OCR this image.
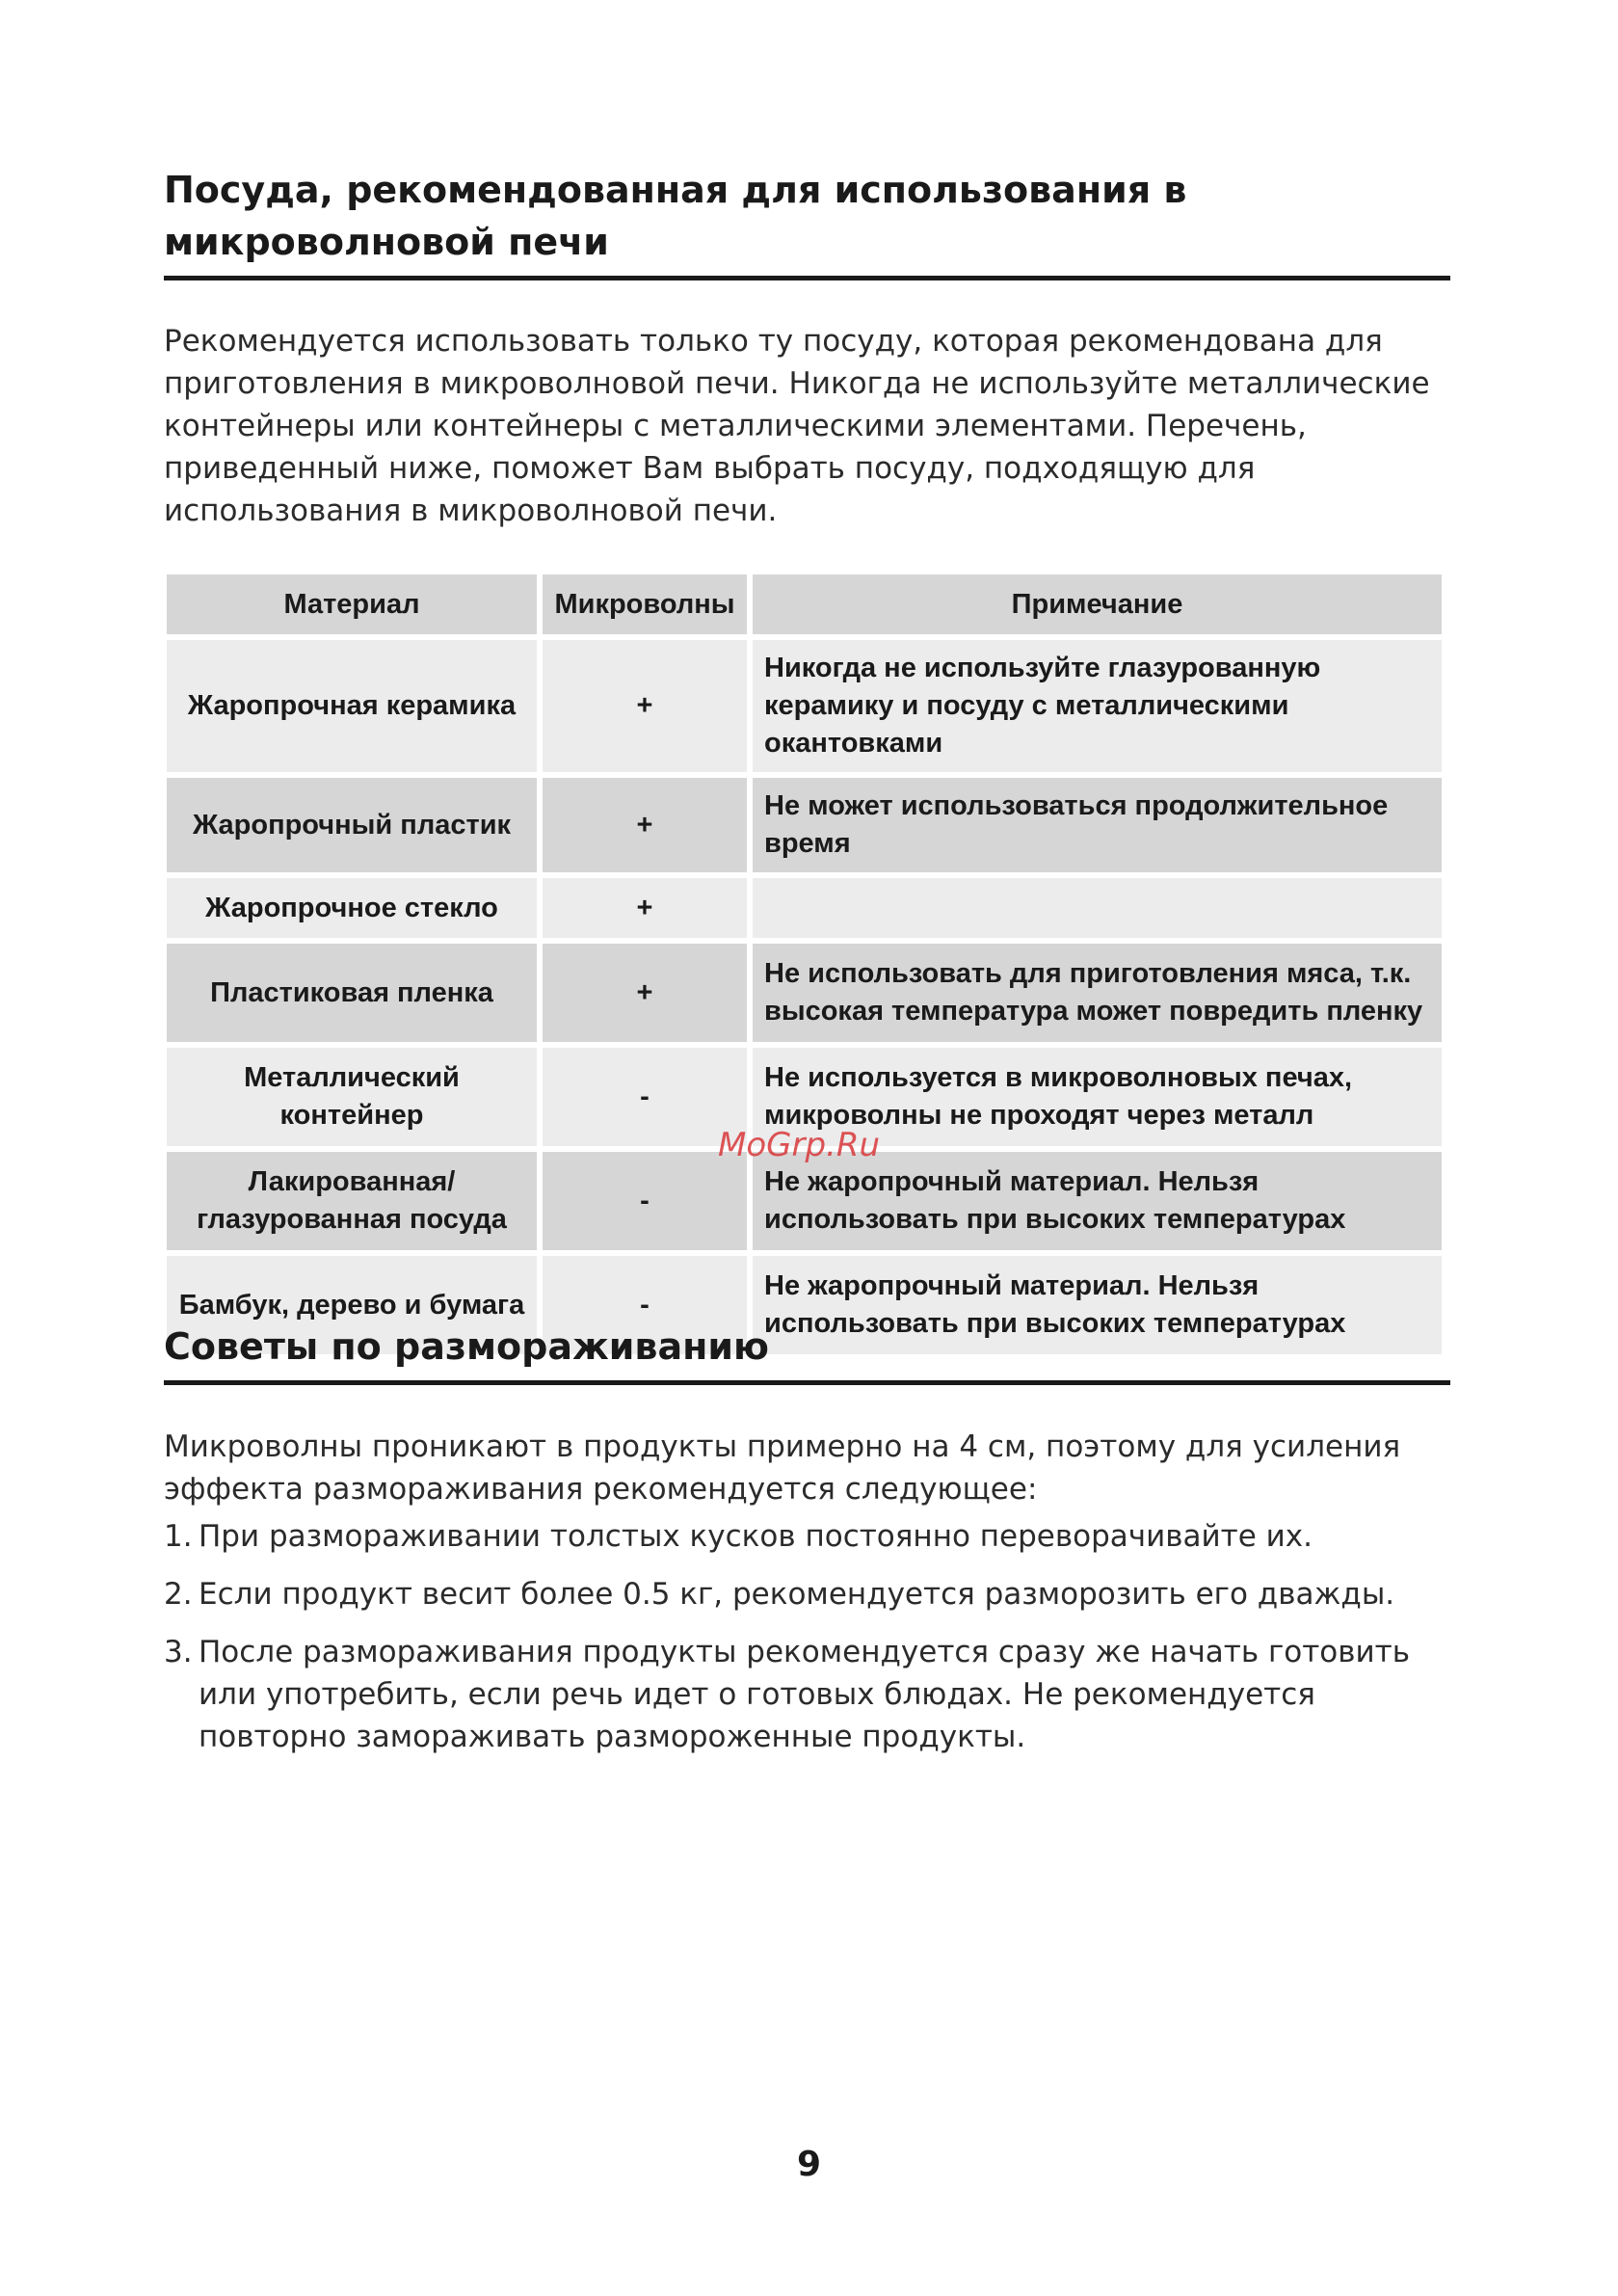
Посуда, рекомендованная для использования в
микроволновой печи

Рекомендуется использовать только ту посуду, которая рекомендована для приготовления в микроволновой печи. Никогда не используйте металлические контейнеры или контейнеры с металлическими элементами. Перечень, приведенный ниже, поможет Вам выбрать посуду, подходящую для использования в микроволновой печи.

Материал	Микроволны	Примечание
Жаропрочная керамика	+	Никогда не используйте глазурованную керамику и посуду с металлическими окантовками
Жаропрочный пластик	+	Не может использоваться продолжительное время
Жаропрочное стекло	+	
Пластиковая пленка	+	Не использовать для приготовления мяса, т.к. высокая температура может повредить пленку
Металлический контейнер	-	Не используется в микроволновых печах, микроволны не проходят через металл
Лакированная/ глазурованная посуда	-	Не жаропрочный материал. Нельзя использовать при высоких температурах
Бамбук, дерево и бумага	-	Не жаропрочный материал. Нельзя использовать при высоких температурах
Советы по размораживанию

Микроволны проникают в продукты примерно на 4 см, поэтому для усиления эффекта размораживания рекомендуется следующее:

1. При размораживании толстых кусков постоянно переворачивайте их.
2. Если продукт весит более 0.5 кг, рекомендуется разморозить его дважды.
3. После размораживания продукты рекомендуется сразу же начать готовить или употребить, если речь идет о готовых блюдах. Не рекомендуется повторно замораживать размороженные продукты.
MoGrp.Ru
9
